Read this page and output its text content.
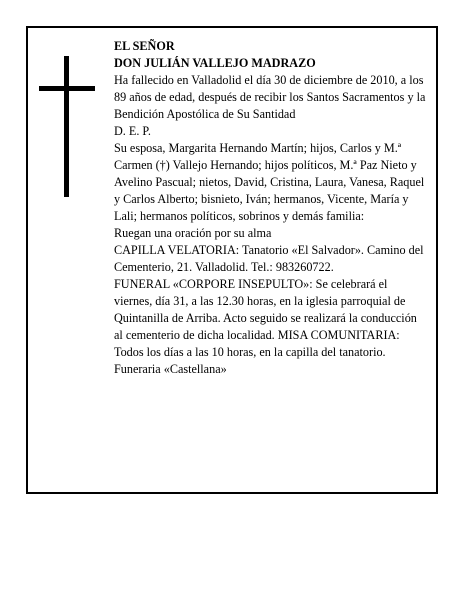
EL SEÑOR

DON JULIÁN VALLEJO MADRAZO

Ha fallecido en Valladolid el día 30 de diciembre de 2010, a los 89 años de edad, después de recibir los Santos Sacramentos y la Bendición Apostólica de Su Santidad

D. E. P.

Su esposa, Margarita Hernando Martín; hijos, Carlos y M.ª Carmen (†) Vallejo Hernando; hijos políticos, M.ª Paz Nieto y Avelino Pascual; nietos, David, Cristina, Laura, Vanesa, Raquel y Carlos Alberto; bisnieto, Iván; hermanos, Vicente, María y Lali; hermanos políticos, sobrinos y demás familia:

Ruegan una oración por su alma

CAPILLA VELATORIA: Tanatorio «El Salvador». Camino del Cementerio, 21. Valladolid. Tel.: 983260722.

FUNERAL «CORPORE INSEPULTO»: Se celebrará el viernes, día 31, a las 12.30 horas, en la iglesia parroquial de Quintanilla de Arriba. Acto seguido se realizará la conducción al cementerio de dicha localidad. MISA COMUNITARIA: Todos los días a las 10 horas, en la capilla del tanatorio.

Funeraria «Castellana»
